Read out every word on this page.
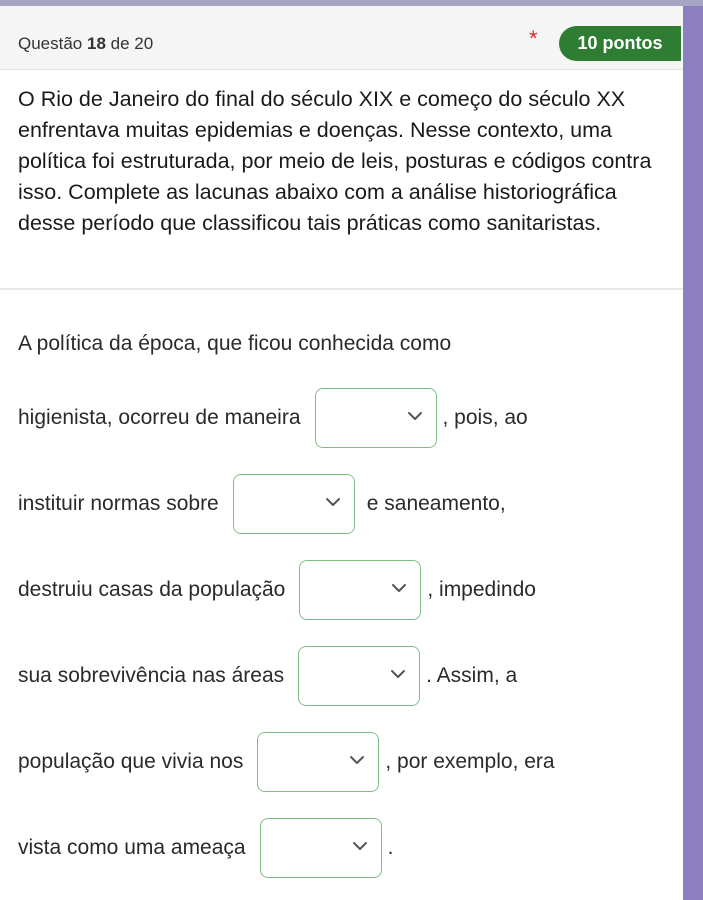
Questão 18 de 20	*	10 pontos
O Rio de Janeiro do final do século XIX e começo do século XX enfrentava muitas epidemias e doenças. Nesse contexto, uma política foi estruturada, por meio de leis, posturas e códigos contra isso. Complete as lacunas abaixo com a análise historiográfica desse período que classificou tais práticas como sanitaristas.
A política da época, que ficou conhecida como
higienista, ocorreu de maneira	, pois, ao
instituir normas sobre	e saneamento,
destruiu casas da população	, impedindo
sua sobrevivência nas áreas	. Assim, a
população que vivia nos	, por exemplo, era
vista como uma ameaça	.
